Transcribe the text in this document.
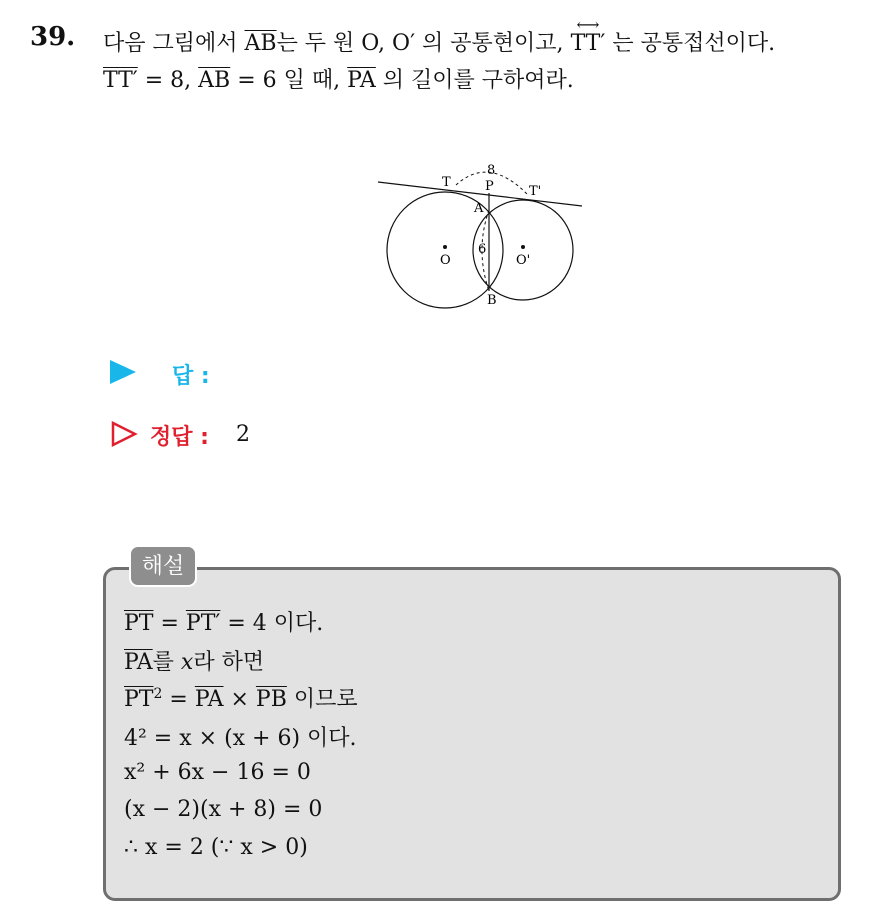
39. 다음 그림에서 $\overline{AB}$는 두 원 O, O′ 의 공통현이고, ⟷ TT′ 는 공통접선이다.
TT′ = 8, $\overline{AB} = 6$ 일 때, $\overline{PA}$ 의 길이를 구하여라.
T
T'
P
A
B
O	O'
8
6
답 :
정답 : 2
해설
$\overline{PT} = PT' = 4$ 이다.
$\overline{PA}$를 x라 하면
$\overline{PT}^2 = \overline{PA} \times \overline{PB}$ 이므로
4² = x × (x + 6) 이다.
x² + 6x − 16 = 0
(x − 2)(x + 8) = 0
∴ x = 2 (∵ x > 0)
